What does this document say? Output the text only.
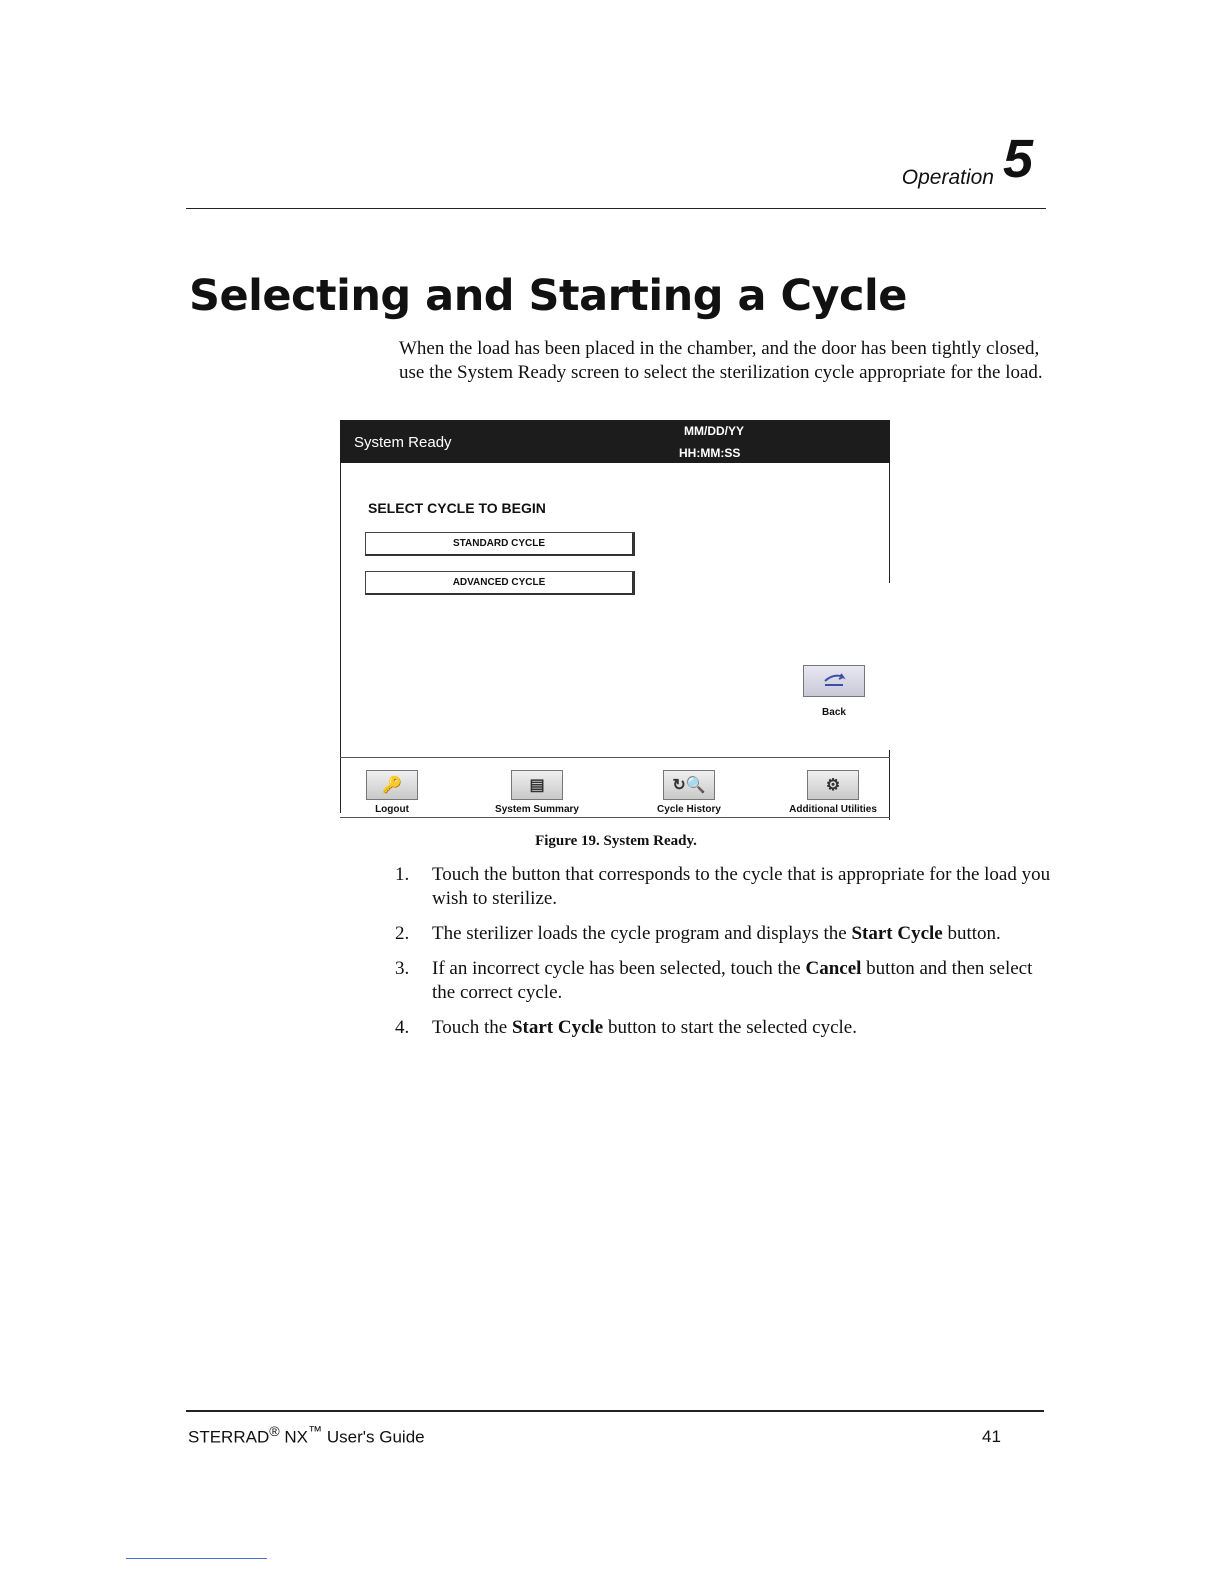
Operation 5
Selecting and Starting a Cycle
When the load has been placed in the chamber, and the door has been tightly closed, use the System Ready screen to select the sterilization cycle appropriate for the load.
System Ready
MM/DD/YY
HH:MM:SS
SELECT CYCLE TO BEGIN
STANDARD CYCLE
ADVANCED CYCLE
Back
🔑
Logout
▤
System Summary
↻🔍
Cycle History
⚙
Additional Utilities
Figure 19. System Ready.
1. Touch the button that corresponds to the cycle that is appropriate for the load you wish to sterilize.
2. The sterilizer loads the cycle program and displays the Start Cycle button.
3. If an incorrect cycle has been selected, touch the Cancel button and then select the correct cycle.
4. Touch the Start Cycle button to start the selected cycle.
STERRAD® NX™ User's Guide	41
